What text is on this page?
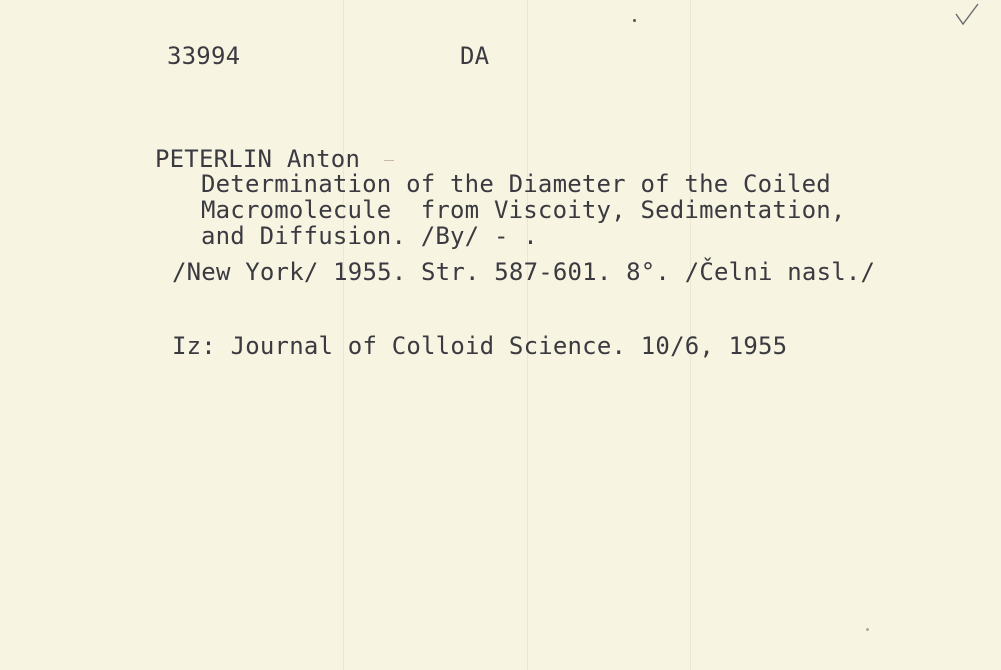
33994	DA
PETERLIN Anton
Determination of the Diameter of the Coiled
Macromolecule  from Viscoity, Sedimentation,
and Diffusion. /By/ - .
/New York/ 1955. Str. 587-601. 8°. /Čelni nasl./
Iz: Journal of Colloid Science. 10/6, 1955
